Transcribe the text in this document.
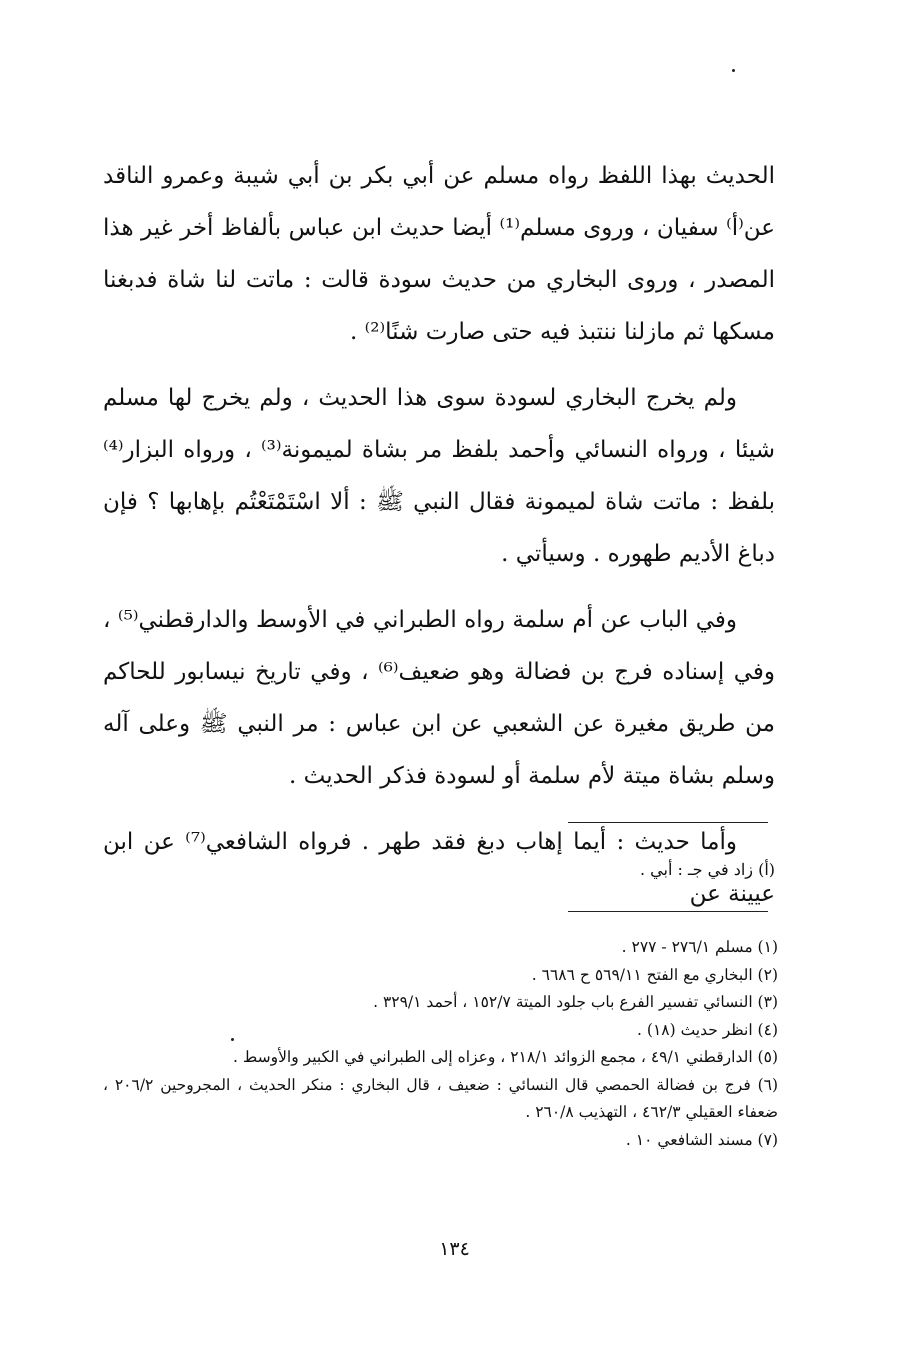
الحديث بهذا اللفظ رواه مسلم عن أبي بكر بن أبي شيبة وعمرو الناقد عن⁽أ⁾ سفيان ، وروى مسلم⁽¹⁾ أيضا حديث ابن عباس بألفاظ أخر غير هذا المصدر ، وروى البخاري من حديث سودة قالت : ماتت لنا شاة فدبغنا مسكها ثم مازلنا ننتبذ فيه حتى صارت شنًا⁽²⁾ .

ولم يخرج البخاري لسودة سوى هذا الحديث ، ولم يخرج لها مسلم شيئا ، ورواه النسائي وأحمد بلفظ مر بشاة لميمونة⁽³⁾ ، ورواه البزار⁽⁴⁾ بلفظ : ماتت شاة لميمونة فقال النبي ﷺ : ألا اسْتَمْتَعْتُم بإهابها ؟ فإن دباغ الأديم طهوره . وسيأتي .

وفي الباب عن أم سلمة رواه الطبراني في الأوسط والدارقطني⁽⁵⁾ ، وفي إسناده فرج بن فضالة وهو ضعيف⁽⁶⁾ ، وفي تاريخ نيسابور للحاكم من طريق مغيرة عن الشعبي عن ابن عباس : مر النبي ﷺ وعلى آله وسلم بشاة ميتة لأم سلمة أو لسودة فذكر الحديث .

وأما حديث : أيما إهاب دبغ فقد طهر . فرواه الشافعي⁽⁷⁾ عن ابن عيينة عن

(أ) زاد في جـ : أبي .

(١) مسلم ٢٧٦/١ - ٢٧٧ .

(٢) البخاري مع الفتح ٥٦٩/١١ ح ٦٦٨٦ .

(٣) النسائي تفسير الفرع باب جلود الميتة ١٥٢/٧ ، أحمد ٣٢٩/١ .

(٤) انظر حديث (١٨) .

(٥) الدارقطني ٤٩/١ ، مجمع الزوائد ٢١٨/١ ، وعزاه إلى الطبراني في الكبير والأوسط .

(٦) فرج بن فضالة الحمصي قال النسائي : ضعيف ، قال البخاري : منكر الحديث ، المجروحين ٢٠٦/٢ ، ضعفاء العقيلي ٤٦٢/٣ ، التهذيب ٢٦٠/٨ .

(٧) مسند الشافعي ١٠ .

١٣٤
